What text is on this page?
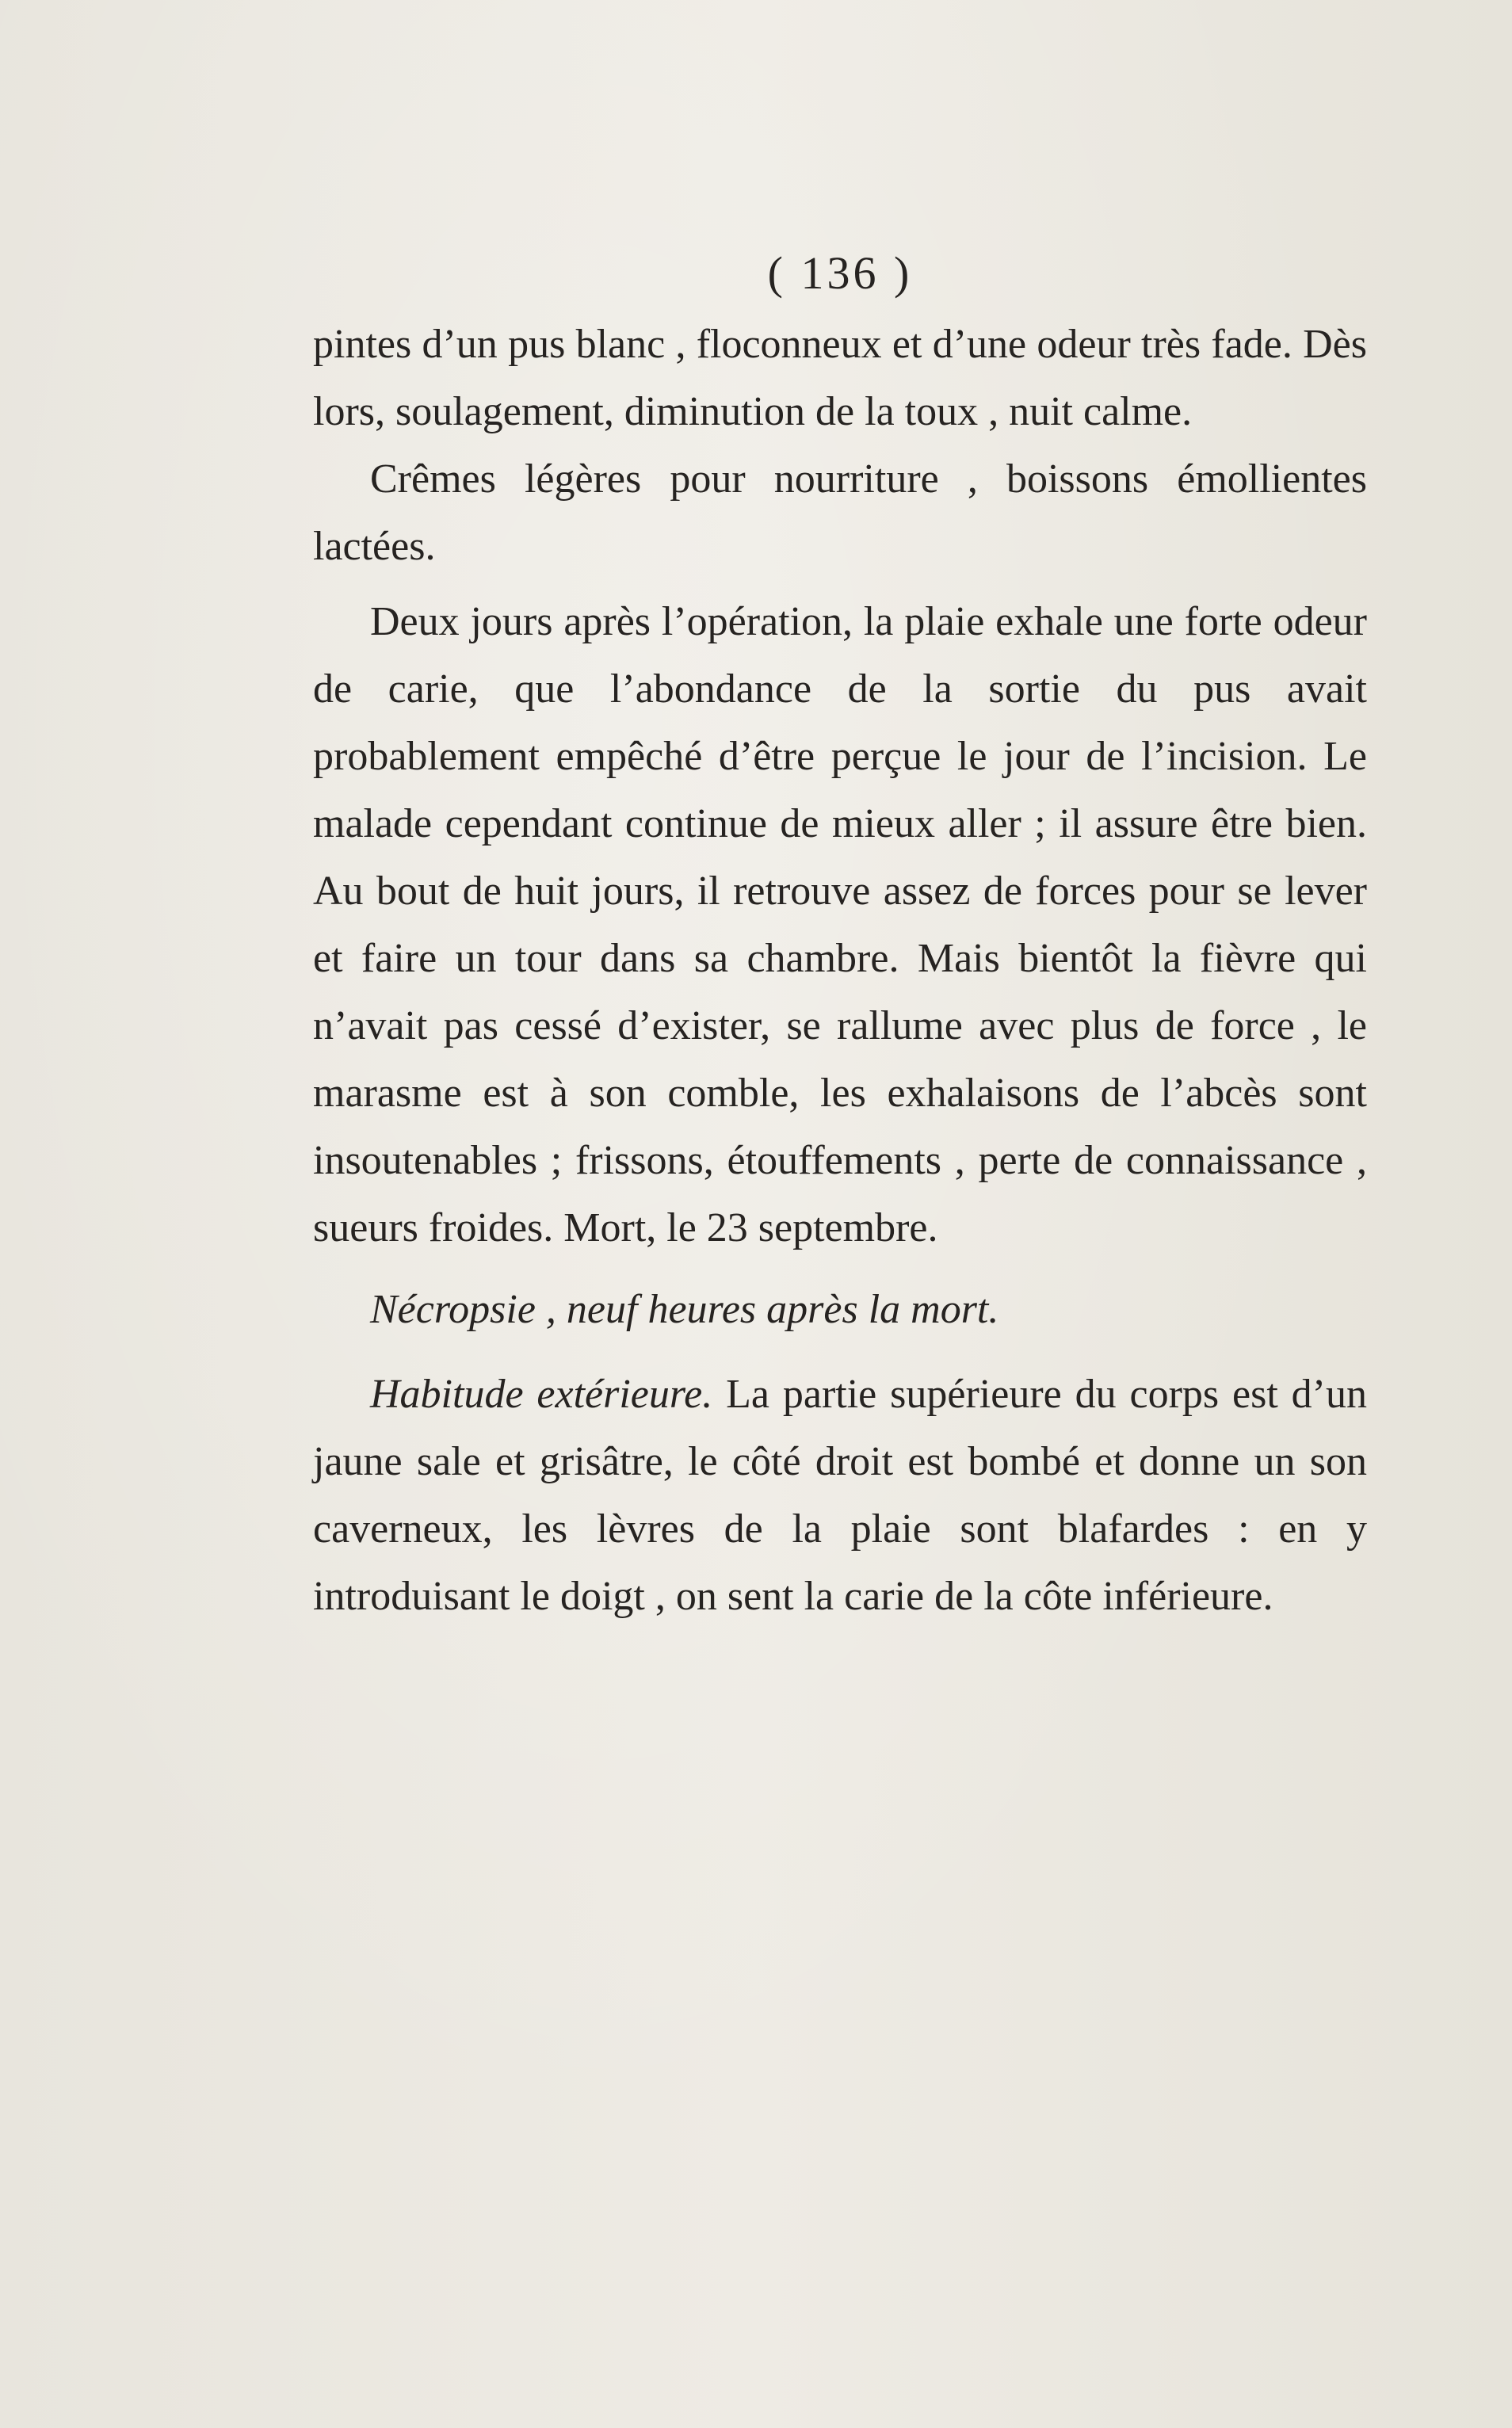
( 136 )

pintes d’un pus blanc , floconneux et d’une odeur très fade. Dès lors, soulagement, diminution de la toux , nuit calme.

Crêmes légères pour nourriture , boissons émollientes lactées.

Deux jours après l’opération, la plaie exhale une forte odeur de carie, que l’abondance de la sortie du pus avait probablement empêché d’être perçue le jour de l’incision. Le malade cependant continue de mieux aller ; il assure être bien. Au bout de huit jours, il retrouve assez de forces pour se lever et faire un tour dans sa chambre. Mais bientôt la fièvre qui n’avait pas cessé d’exister, se rallume avec plus de force , le marasme est à son comble, les exhalaisons de l’abcès sont insoutenables ; frissons, étouffements , perte de connaissance , sueurs froides. Mort, le 23 septembre.

Nécropsie , neuf heures après la mort.

Habitude extérieure. La partie supérieure du corps est d’un jaune sale et grisâtre, le côté droit est bombé et donne un son caverneux, les lèvres de la plaie sont blafardes : en y introduisant le doigt , on sent la carie de la côte inférieure.
